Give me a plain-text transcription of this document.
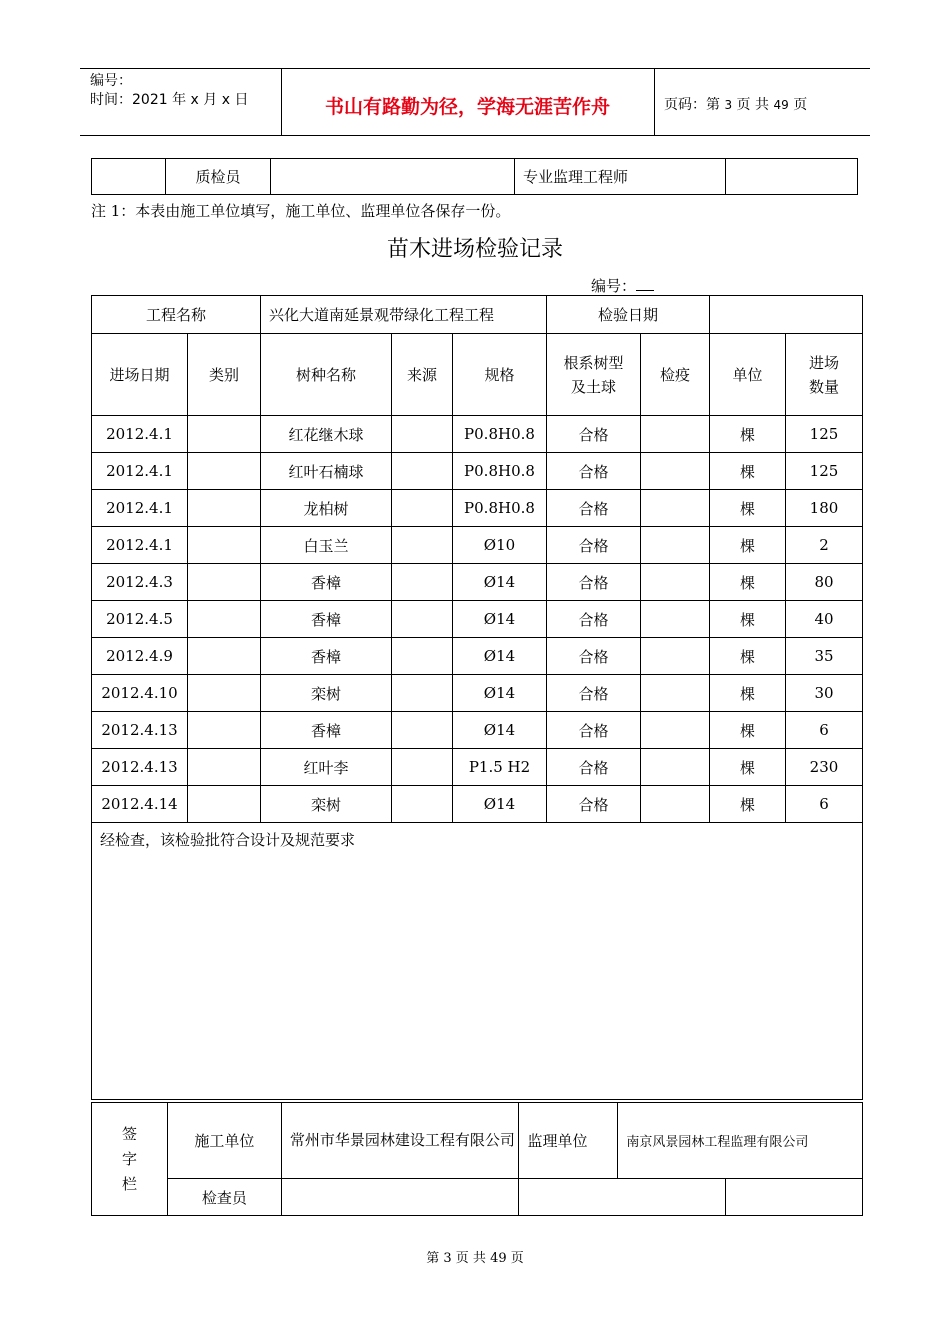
编号：
时间：2021 年 x 月 x 日	书山有路勤为径，学海无涯苦作舟	页码：第 3 页 共 49 页
	质检员		专业监理工程师	
注 1：本表由施工单位填写，施工单位、监理单位各保存一份。
苗木进场检验记录
编号：
工程名称		兴化大道南延景观带绿化工程工程			检验日期			
进场日期	类别	树种名称	来源	规格	根系树型及土球	检疫	单位	进场数量
2012.4.1		红花继木球		P0.8H0.8	合格		棵	125
2012.4.1		红叶石楠球		P0.8H0.8	合格		棵	125
2012.4.1		龙柏树		P0.8H0.8	合格		棵	180
2012.4.1		白玉兰		Ø10	合格		棵	2
2012.4.3		香樟		Ø14	合格		棵	80
2012.4.5		香樟		Ø14	合格		棵	40
2012.4.9		香樟		Ø14	合格		棵	35
2012.4.10		栾树		Ø14	合格		棵	30
2012.4.13		香樟		Ø14	合格		棵	6
2012.4.13		红叶李		P1.5 H2	合格		棵	230
2012.4.14		栾树		Ø14	合格		棵	6
经检查，该检验批符合设计及规范要求								
签字栏	施工单位	常州市华景园林建设工程有限公司	监理单位	南京风景园林工程监理有限公司	
	检查员				
第 3 页 共 49 页
